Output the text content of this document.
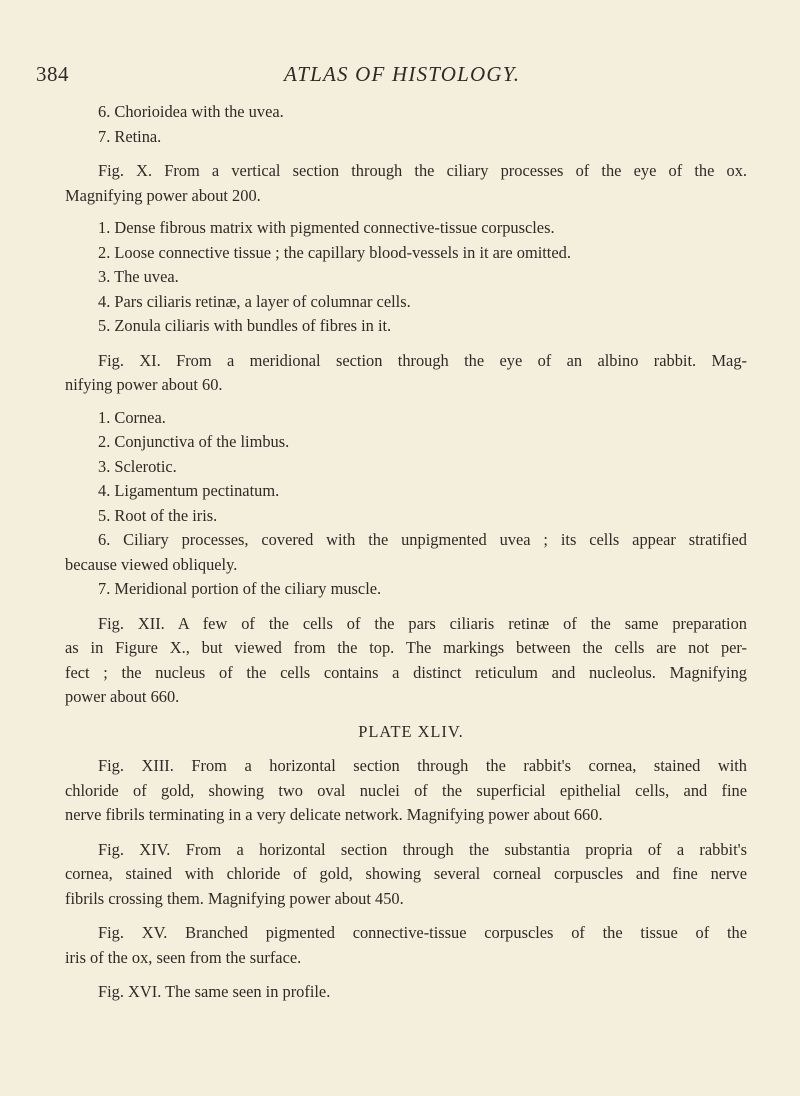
384	ATLAS OF HISTOLOGY.
6. Chorioidea with the uvea.
7. Retina.
Fig. X. From a vertical section through the ciliary processes of the eye of the ox.
Magnifying power about 200.
1. Dense fibrous matrix with pigmented connective-tissue corpuscles.
2. Loose connective tissue ; the capillary blood-vessels in it are omitted.
3. The uvea.
4. Pars ciliaris retinæ, a layer of columnar cells.
5. Zonula ciliaris with bundles of fibres in it.
Fig. XI. From a meridional section through the eye of an albino rabbit. Mag-
nifying power about 60.
1. Cornea.
2. Conjunctiva of the limbus.
3. Sclerotic.
4. Ligamentum pectinatum.
5. Root of the iris.
6. Ciliary processes, covered with the unpigmented uvea ; its cells appear stratified
because viewed obliquely.
7. Meridional portion of the ciliary muscle.
Fig. XII. A few of the cells of the pars ciliaris retinæ of the same preparation
as in Figure X., but viewed from the top. The markings between the cells are not per-
fect ; the nucleus of the cells contains a distinct reticulum and nucleolus. Magnifying
power about 660.
PLATE XLIV.
Fig. XIII. From a horizontal section through the rabbit's cornea, stained with
chloride of gold, showing two oval nuclei of the superficial epithelial cells, and fine
nerve fibrils terminating in a very delicate network. Magnifying power about 660.
Fig. XIV. From a horizontal section through the substantia propria of a rabbit's
cornea, stained with chloride of gold, showing several corneal corpuscles and fine nerve
fibrils crossing them. Magnifying power about 450.
Fig. XV. Branched pigmented connective-tissue corpuscles of the tissue of the
iris of the ox, seen from the surface.
Fig. XVI. The same seen in profile.
